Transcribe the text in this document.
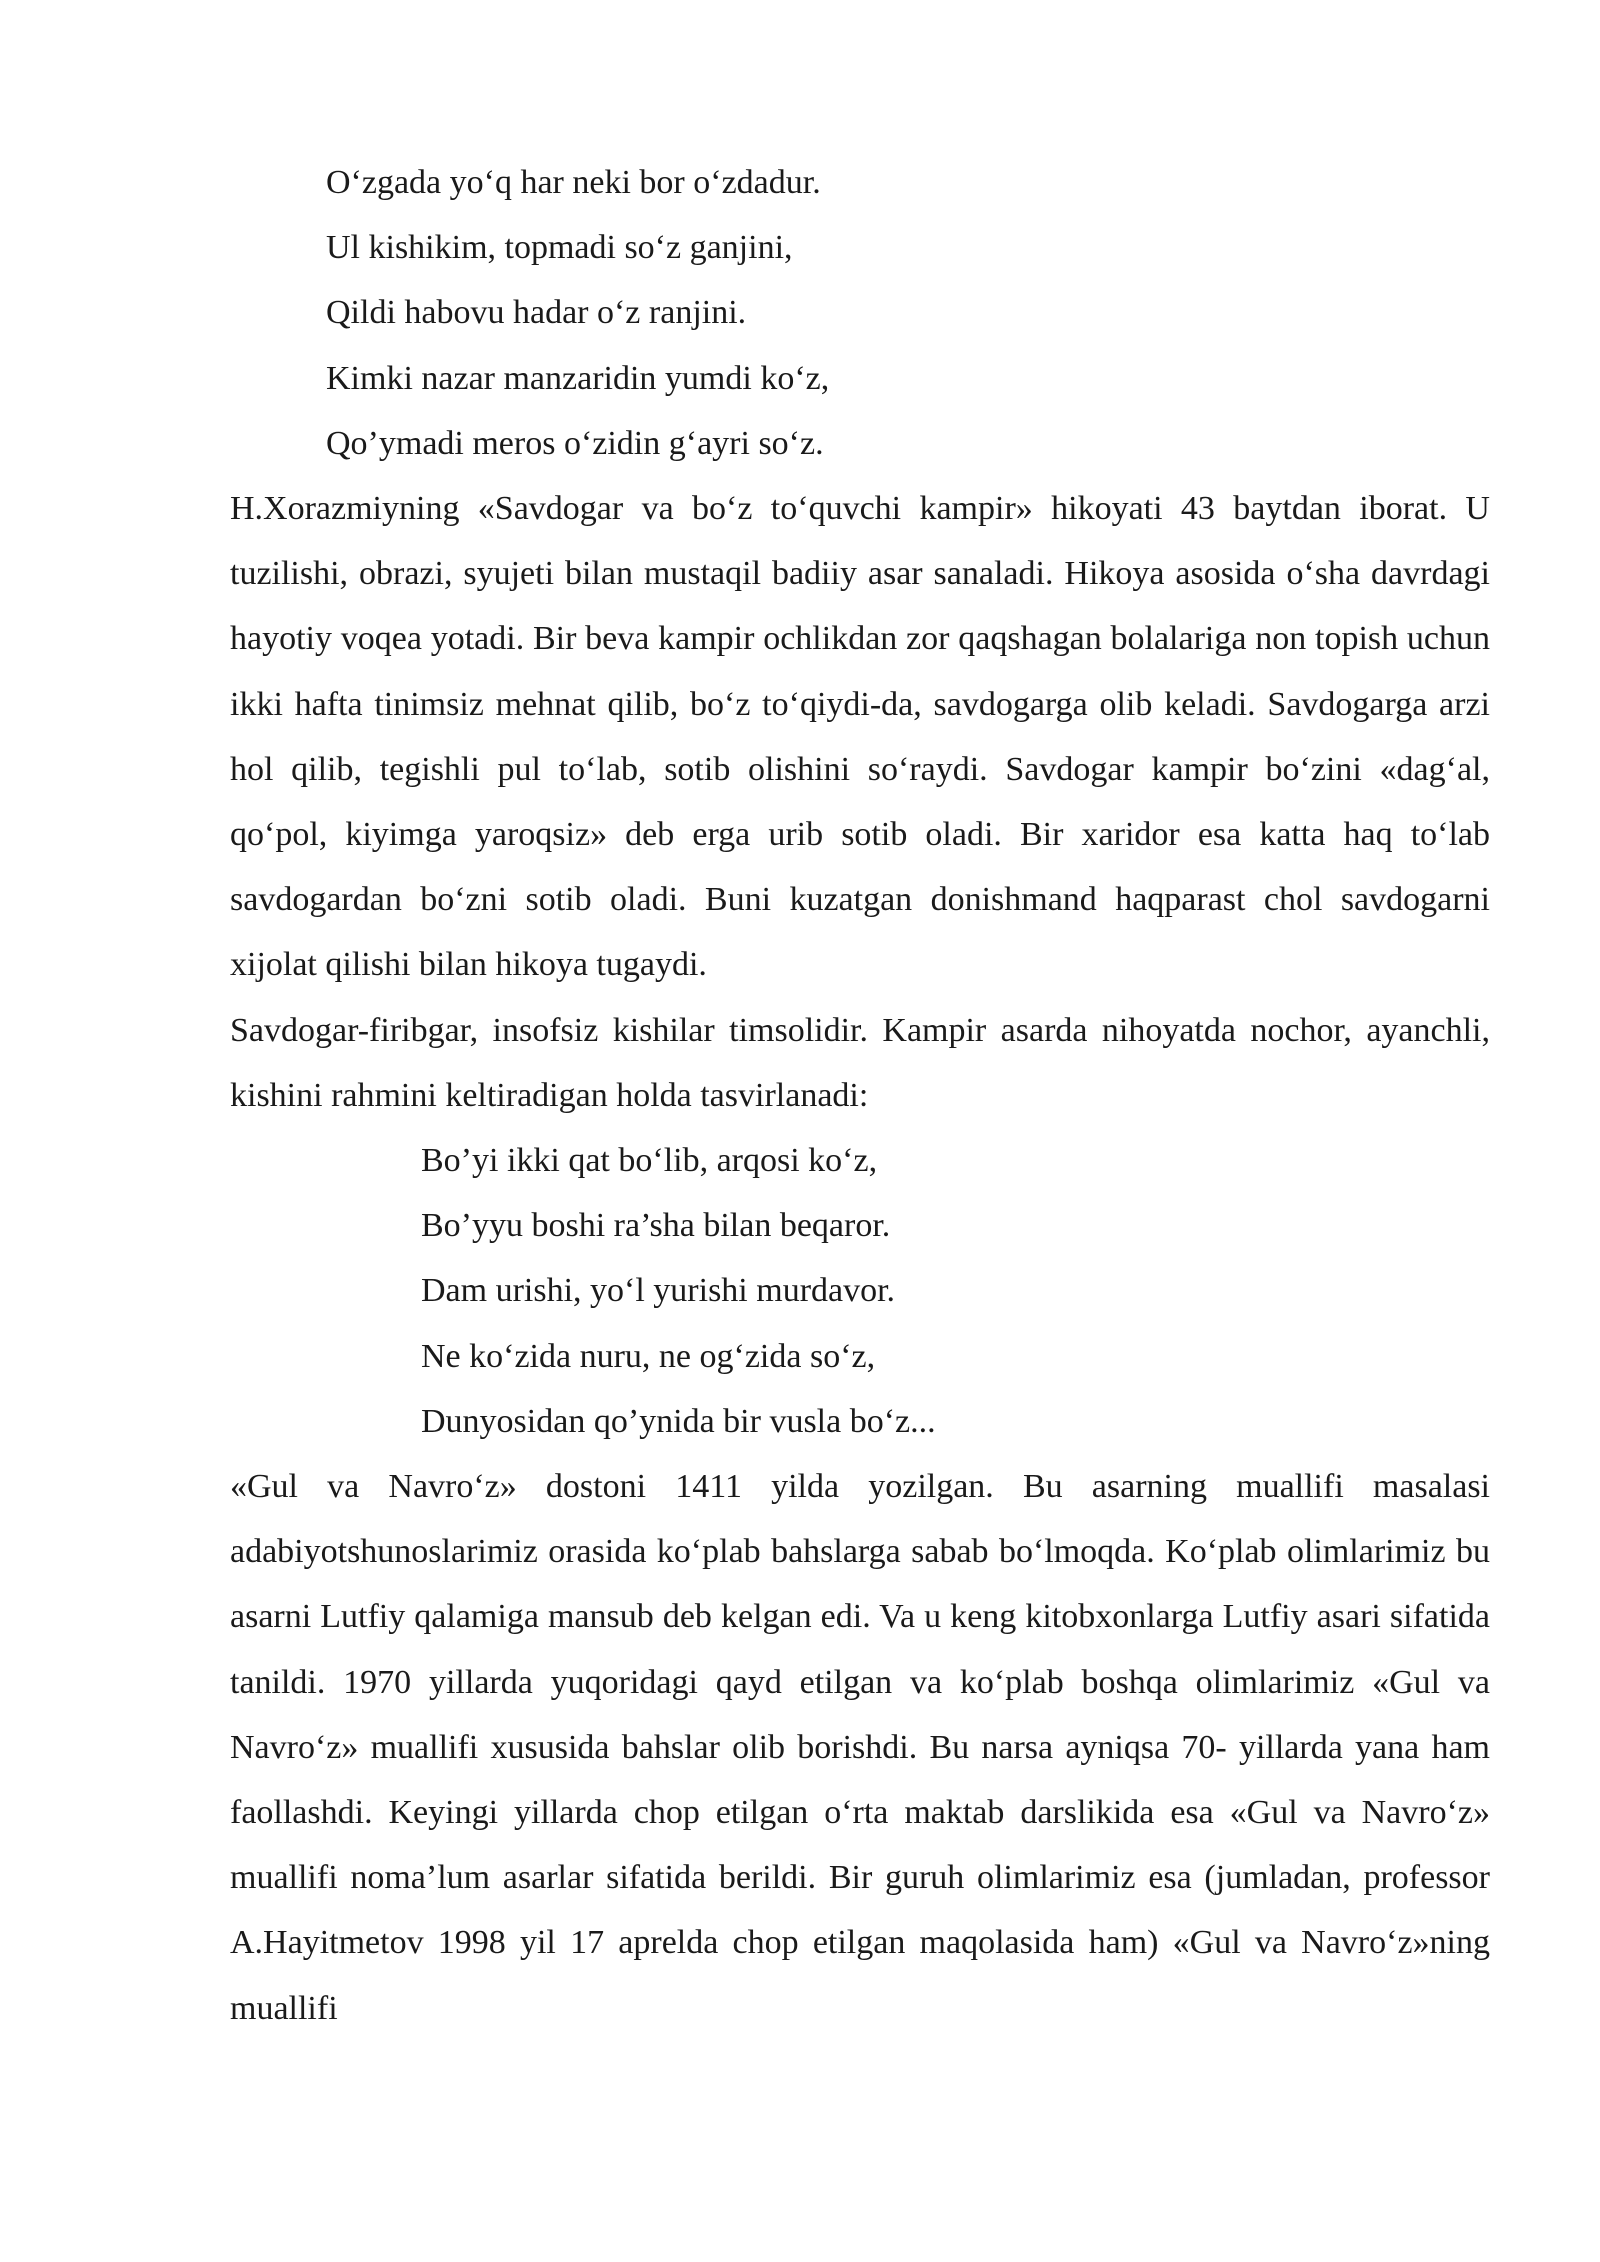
O‘zgada yo‘q har neki bor o‘zdadur.
Ul kishikim, topmadi so‘z ganjini,
Qildi habovu hadar o‘z ranjini.
Kimki nazar manzaridin yumdi ko‘z,
Qo’ymadi meros o‘zidin g‘ayri so‘z.

H.Xorazmiyning «Savdogar va bo‘z to‘quvchi kampir» hikoyati 43 baytdan iborat. U tuzilishi, obrazi, syujeti bilan mustaqil badiiy asar sanaladi. Hikoya asosida o‘sha davrdagi hayotiy voqea yotadi. Bir beva kampir ochlikdan zor qaqshagan bolalariga non topish uchun ikki hafta tinimsiz mehnat qilib, bo‘z to‘qiydi-da, savdogarga olib keladi. Savdogarga arzi hol qilib, tegishli pul to‘lab, sotib olishini so‘raydi. Savdogar kampir bo‘zini «dag‘al, qo‘pol, kiyimga yaroqsiz» deb erga urib sotib oladi. Bir xaridor esa katta haq to‘lab savdogardan bo‘zni sotib oladi. Buni kuzatgan donishmand haqparast chol savdogarni xijolat qilishi bilan hikoya tugaydi.

Savdogar-firibgar, insofsiz kishilar timsolidir. Kampir asarda nihoyatda nochor, ayanchli, kishini rahmini keltiradigan holda tasvirlanadi:

Bo’yi ikki qat bo‘lib, arqosi ko‘z,
Bo’yyu boshi ra’sha bilan beqaror.
Dam urishi, yo‘l yurishi murdavor.
Ne ko‘zida nuru, ne og‘zida so‘z,
Dunyosidan qo’ynida bir vusla bo‘z...

«Gul va Navro‘z» dostoni 1411 yilda yozilgan. Bu asarning muallifi masalasi adabiyotshunoslarimiz orasida ko‘plab bahslarga sabab bo‘lmoqda. Ko‘plab olimlarimiz bu asarni Lutfiy qalamiga mansub deb kelgan edi. Va u keng kitobxonlarga Lutfiy asari sifatida tanildi. 1970 yillarda yuqoridagi qayd etilgan va ko‘plab boshqa olimlarimiz «Gul va Navro‘z» muallifi xususida bahslar olib borishdi. Bu narsa ayniqsa 70- yillarda yana ham faollashdi. Keyingi yillarda chop etilgan o‘rta maktab darslikida esa «Gul va Navro‘z» muallifi noma’lum asarlar sifatida berildi. Bir guruh olimlarimiz esa (jumladan, professor A.Hayitmetov 1998 yil 17 aprelda chop etilgan maqolasida ham) «Gul va Navro‘z»ning muallifi
